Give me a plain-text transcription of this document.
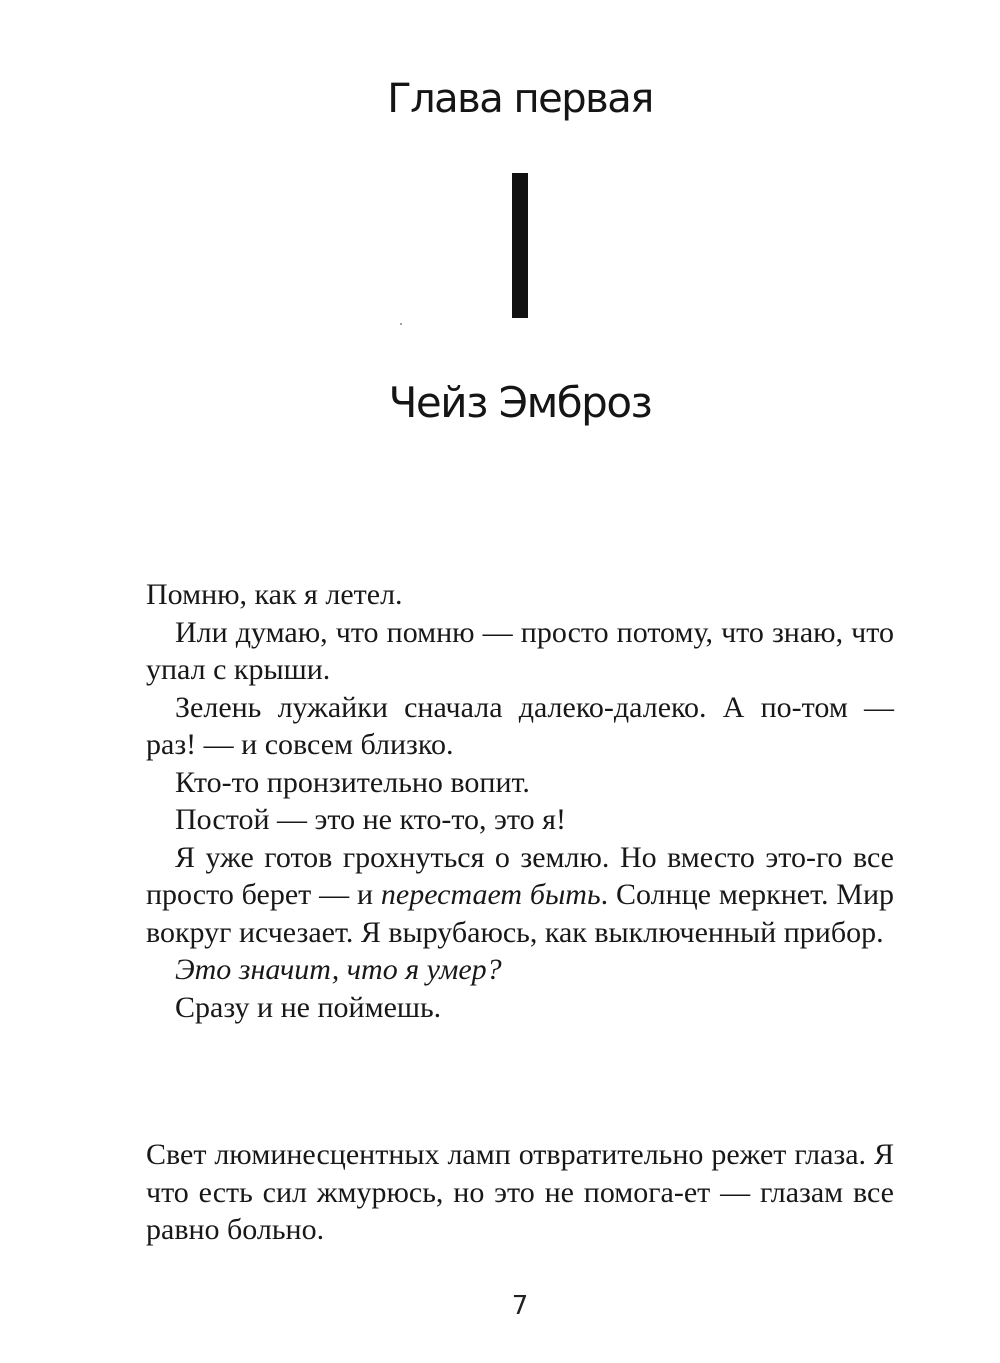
Глава первая
Чейз Эмброз

Помню, как я летел.

Или думаю, что помню — просто потому, что знаю, что упал с крыши.

Зелень лужайки сначала далеко-далеко. А по-том — раз! — и совсем близко.

Кто-то пронзительно вопит.

Постой — это не кто-то, это я!

Я уже готов грохнуться о землю. Но вместо это-го все просто берет — и перестает быть. Солнце меркнет. Мир вокруг исчезает. Я вырубаюсь, как выключенный прибор.

Это значит, что я умер?

Сразу и не поймешь.

Свет люминесцентных ламп отвратительно режет глаза. Я что есть сил жмурюсь, но это не помога-ет — глазам все равно больно.

7
